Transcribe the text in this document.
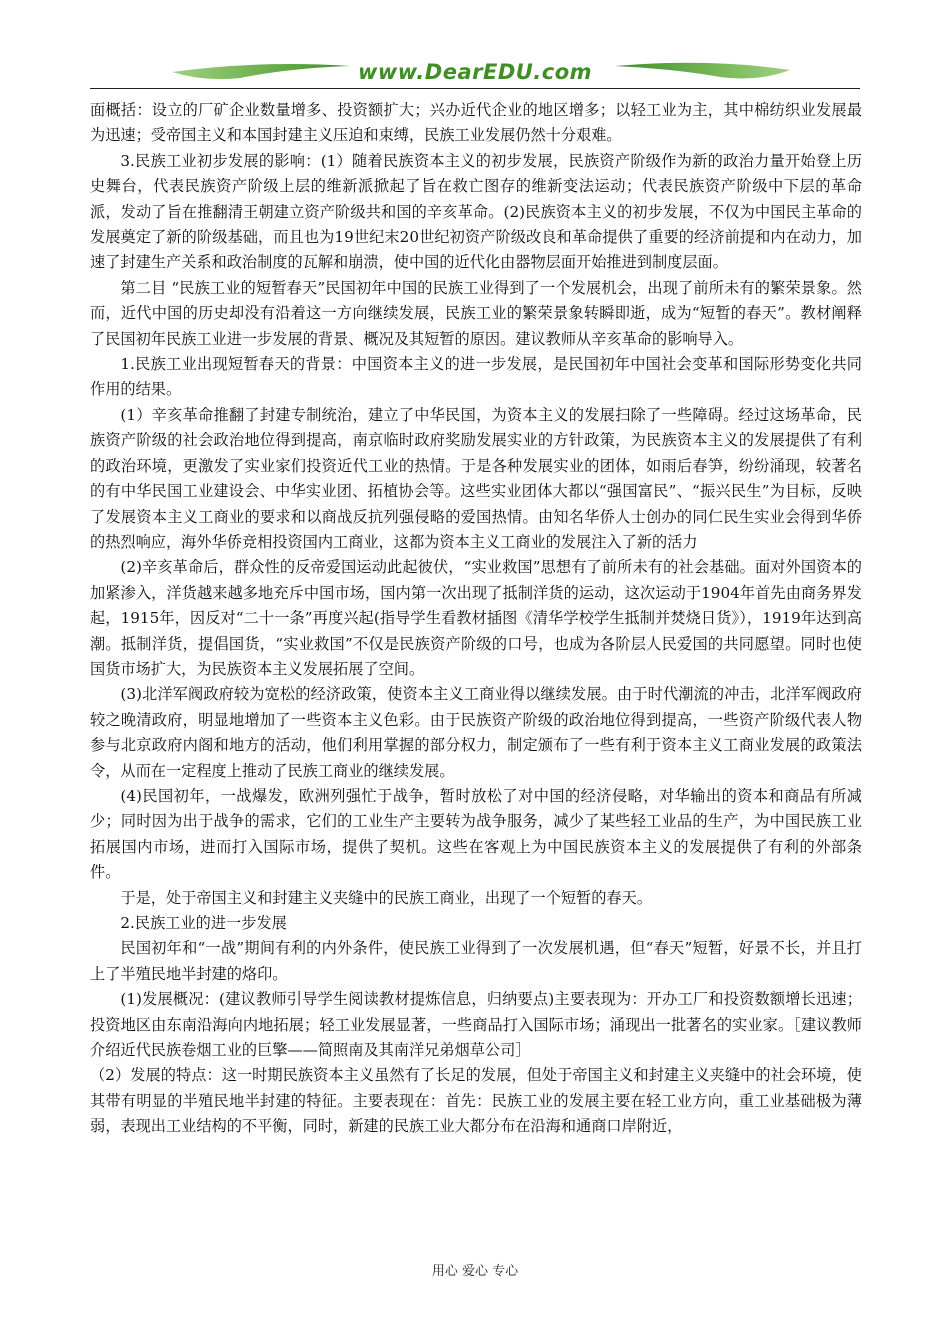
www.DearEDU.com

面概括：设立的厂矿企业数量增多、投资额扩大；兴办近代企业的地区增多；以轻工业为主，其中棉纺织业发展最为迅速；受帝国主义和本国封建主义压迫和束缚，民族工业发展仍然十分艰难。

3.民族工业初步发展的影响：(1）随着民族资本主义的初步发展，民族资产阶级作为新的政治力量开始登上历史舞台，代表民族资产阶级上层的维新派掀起了旨在救亡图存的维新变法运动；代表民族资产阶级中下层的革命派，发动了旨在推翻清王朝建立资产阶级共和国的辛亥革命。(2)民族资本主义的初步发展，不仅为中国民主革命的发展奠定了新的阶级基础，而且也为19世纪末20世纪初资产阶级改良和革命提供了重要的经济前提和内在动力，加速了封建生产关系和政治制度的瓦解和崩溃，使中国的近代化由器物层面开始推进到制度层面。

第二目 “民族工业的短暂春天”民国初年中国的民族工业得到了一个发展机会，出现了前所未有的繁荣景象。然而，近代中国的历史却没有沿着这一方向继续发展，民族工业的繁荣景象转瞬即逝，成为“短暂的春天”。教材阐释了民国初年民族工业进一步发展的背景、概况及其短暂的原因。建议教师从辛亥革命的影响导入。

1.民族工业出现短暂春天的背景：中国资本主义的进一步发展，是民国初年中国社会变革和国际形势变化共同作用的结果。

(1）辛亥革命推翻了封建专制统治，建立了中华民国，为资本主义的发展扫除了一些障碍。经过这场革命，民族资产阶级的社会政治地位得到提高，南京临时政府奖励发展实业的方针政策，为民族资本主义的发展提供了有利的政治环境，更激发了实业家们投资近代工业的热情。于是各种发展实业的团体，如雨后春笋，纷纷涌现，较著名的有中华民国工业建设会、中华实业团、拓植协会等。这些实业团体大都以“强国富民”、“振兴民生”为目标，反映了发展资本主义工商业的要求和以商战反抗列强侵略的爱国热情。由知名华侨人士创办的同仁民生实业会得到华侨的热烈响应，海外华侨竞相投资国内工商业，这都为资本主义工商业的发展注入了新的活力

(2)辛亥革命后，群众性的反帝爱国运动此起彼伏，“实业救国”思想有了前所未有的社会基础。面对外国资本的加紧渗入，洋货越来越多地充斥中国市场，国内第一次出现了抵制洋货的运动，这次运动于1904年首先由商务界发起，1915年，因反对“二十一条”再度兴起(指导学生看教材插图《清华学校学生抵制并焚烧日货》），1919年达到高潮。抵制洋货，提倡国货，“实业救国”不仅是民族资产阶级的口号，也成为各阶层人民爱国的共同愿望。同时也使国货市场扩大，为民族资本主义发展拓展了空间。

(3)北洋军阀政府较为宽松的经济政策，使资本主义工商业得以继续发展。由于时代潮流的冲击，北洋军阀政府较之晚清政府，明显地增加了一些资本主义色彩。由于民族资产阶级的政治地位得到提高，一些资产阶级代表人物参与北京政府内阁和地方的活动，他们利用掌握的部分权力，制定颁布了一些有利于资本主义工商业发展的政策法令，从而在一定程度上推动了民族工商业的继续发展。

(4)民国初年，一战爆发，欧洲列强忙于战争，暂时放松了对中国的经济侵略，对华输出的资本和商品有所减少；同时因为出于战争的需求，它们的工业生产主要转为战争服务，减少了某些轻工业品的生产，为中国民族工业拓展国内市场，进而打入国际市场，提供了契机。这些在客观上为中国民族资本主义的发展提供了有利的外部条件。

于是，处于帝国主义和封建主义夹缝中的民族工商业，出现了一个短暂的春天。

2.民族工业的进一步发展

民国初年和“一战”期间有利的内外条件，使民族工业得到了一次发展机遇，但“春天”短暂，好景不长，并且打上了半殖民地半封建的烙印。

(1)发展概况：(建议教师引导学生阅读教材提炼信息，归纳要点)主要表现为：开办工厂和投资数额增长迅速；投资地区由东南沿海向内地拓展；轻工业发展显著，一些商品打入国际市场；涌现出一批著名的实业家。［建议教师介绍近代民族卷烟工业的巨擎——简照南及其南洋兄弟烟草公司］

（2）发展的特点：这一时期民族资本主义虽然有了长足的发展，但处于帝国主义和封建主义夹缝中的社会环境，使其带有明显的半殖民地半封建的特征。主要表现在：首先：民族工业的发展主要在轻工业方向，重工业基础极为薄弱，表现出工业结构的不平衡，同时，新建的民族工业大都分布在沿海和通商口岸附近，

用心 爱心 专心
